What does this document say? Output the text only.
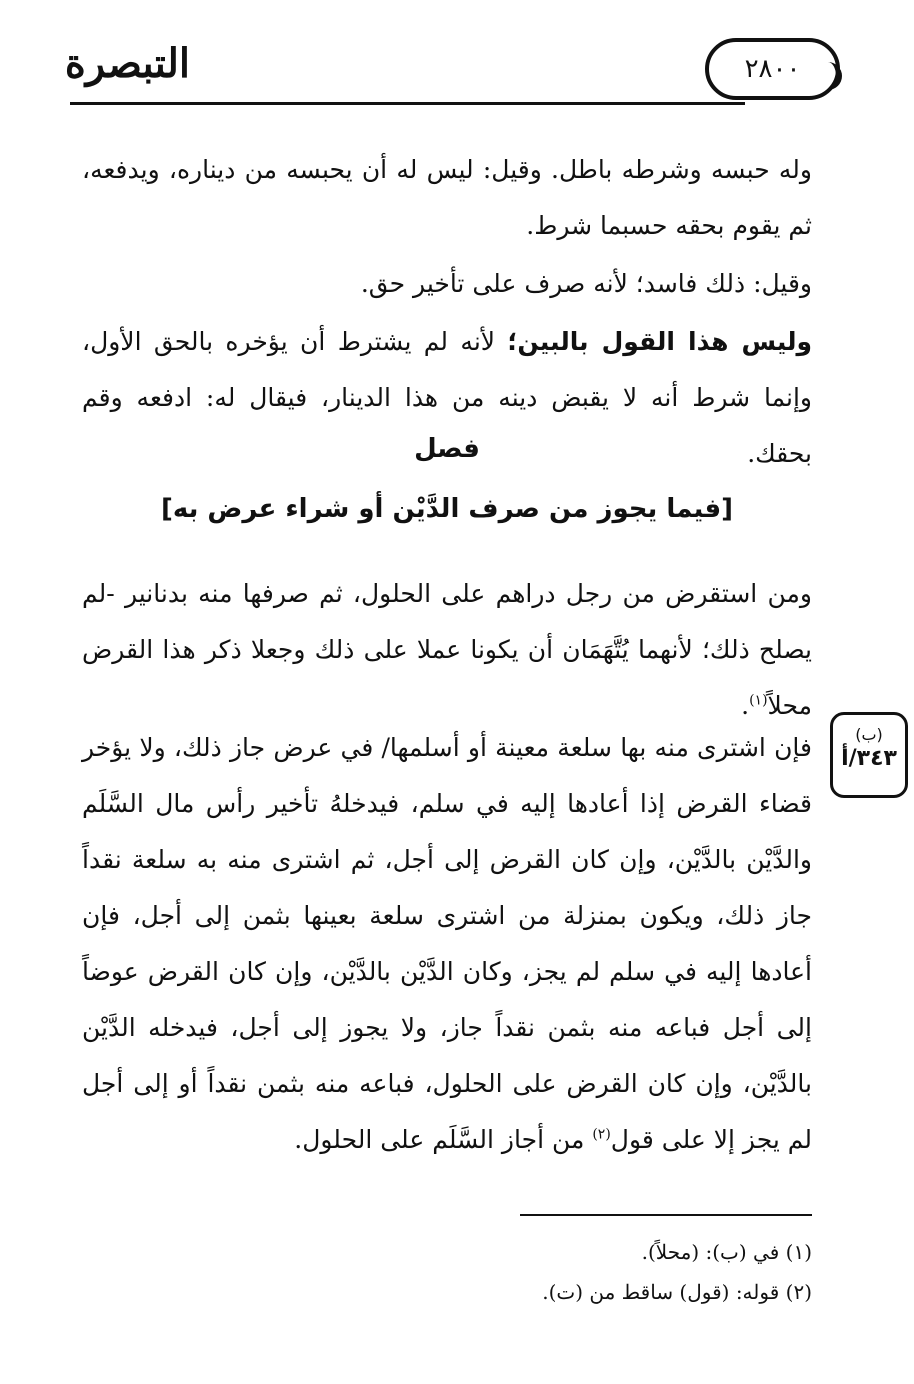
التبصرة	٢٨٠٠
وله حبسه وشرطه باطل. وقيل: ليس له أن يحبسه من ديناره، ويدفعه، ثم يقوم بحقه حسبما شرط.
وقيل: ذلك فاسد؛ لأنه صرف على تأخير حق.
وليس هذا القول بالبين؛ لأنه لم يشترط أن يؤخره بالحق الأول، وإنما شرط أنه لا يقبض دينه من هذا الدينار، فيقال له: ادفعه وقم بحقك.
فصل
[فيما يجوز من صرف الدَّيْن أو شراء عرض به]
ومن استقرض من رجل دراهم على الحلول، ثم صرفها منه بدنانير -لم يصلح ذلك؛ لأنهما يُتَّهَمَان أن يكونا عملا على ذلك وجعلا ذكر هذا القرض محلاً$^{(١)}$.
فإن اشترى منه بها سلعة معينة أو أسلمها/ في عرض جاز ذلك، ولا يؤخر قضاء القرض إذا أعادها إليه في سلم، فيدخلهُ تأخير رأس مال السَّلَم والدَّيْن بالدَّيْن، وإن كان القرض إلى أجل، ثم اشترى منه به سلعة نقداً جاز ذلك، ويكون بمنزلة من اشترى سلعة بعينها بثمن إلى أجل، فإن أعادها إليه في سلم لم يجز، وكان الدَّيْن بالدَّيْن، وإن كان القرض عوضاً إلى أجل فباعه منه بثمن نقداً جاز، ولا يجوز إلى أجل، فيدخله الدَّيْن بالدَّيْن، وإن كان القرض على الحلول، فباعه منه بثمن نقداً أو إلى أجل لم يجز إلا على قول$^{(٢)}$ من أجاز السَّلَم على الحلول.
(ب)
٣٤٣/أ
(١) في (ب): (محلاً).
(٢) قوله: (قول) ساقط من (ت).
